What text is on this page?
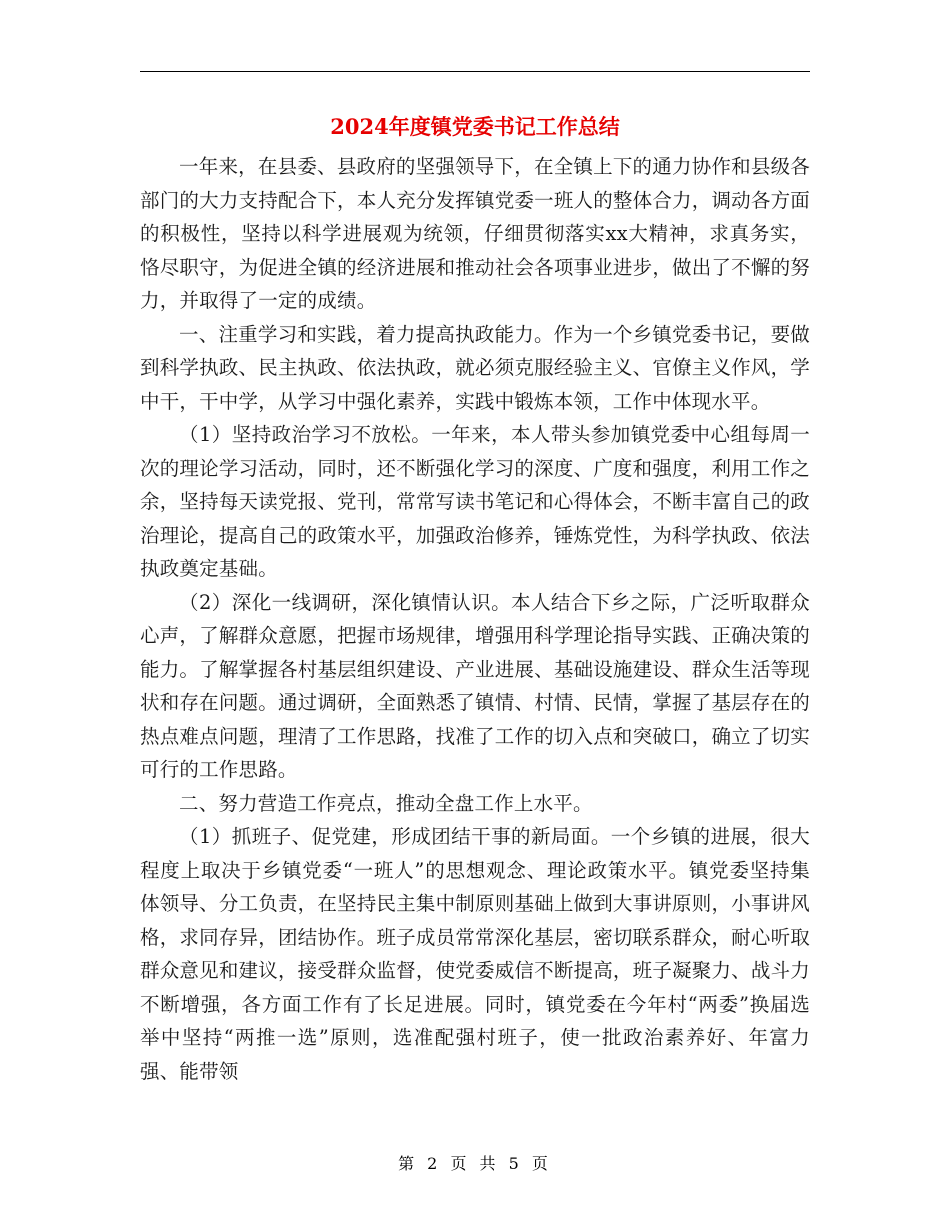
2024年度镇党委书记工作总结

一年来，在县委、县政府的坚强领导下，在全镇上下的通力协作和县级各部门的大力支持配合下，本人充分发挥镇党委一班人的整体合力，调动各方面的积极性，坚持以科学进展观为统领，仔细贯彻落实xx大精神，求真务实，恪尽职守，为促进全镇的经济进展和推动社会各项事业进步，做出了不懈的努力，并取得了一定的成绩。

一、注重学习和实践，着力提高执政能力。作为一个乡镇党委书记，要做到科学执政、民主执政、依法执政，就必须克服经验主义、官僚主义作风，学中干，干中学，从学习中强化素养，实践中锻炼本领，工作中体现水平。

（1）坚持政治学习不放松。一年来，本人带头参加镇党委中心组每周一次的理论学习活动，同时，还不断强化学习的深度、广度和强度，利用工作之余，坚持每天读党报、党刊，常常写读书笔记和心得体会，不断丰富自己的政治理论，提高自己的政策水平，加强政治修养，锤炼党性，为科学执政、依法执政奠定基础。

（2）深化一线调研，深化镇情认识。本人结合下乡之际，广泛听取群众心声，了解群众意愿，把握市场规律，增强用科学理论指导实践、正确决策的能力。了解掌握各村基层组织建设、产业进展、基础设施建设、群众生活等现状和存在问题。通过调研，全面熟悉了镇情、村情、民情，掌握了基层存在的热点难点问题，理清了工作思路，找准了工作的切入点和突破口，确立了切实可行的工作思路。

二、努力营造工作亮点，推动全盘工作上水平。

（1）抓班子、促党建，形成团结干事的新局面。一个乡镇的进展，很大程度上取决于乡镇党委“一班人”的思想观念、理论政策水平。镇党委坚持集体领导、分工负责，在坚持民主集中制原则基础上做到大事讲原则，小事讲风格，求同存异，团结协作。班子成员常常深化基层，密切联系群众，耐心听取群众意见和建议，接受群众监督，使党委威信不断提高，班子凝聚力、战斗力不断增强，各方面工作有了长足进展。同时，镇党委在今年村“两委”换届选举中坚持“两推一选”原则，选准配强村班子，使一批政治素养好、年富力强、能带领

第 2 页 共 5 页
